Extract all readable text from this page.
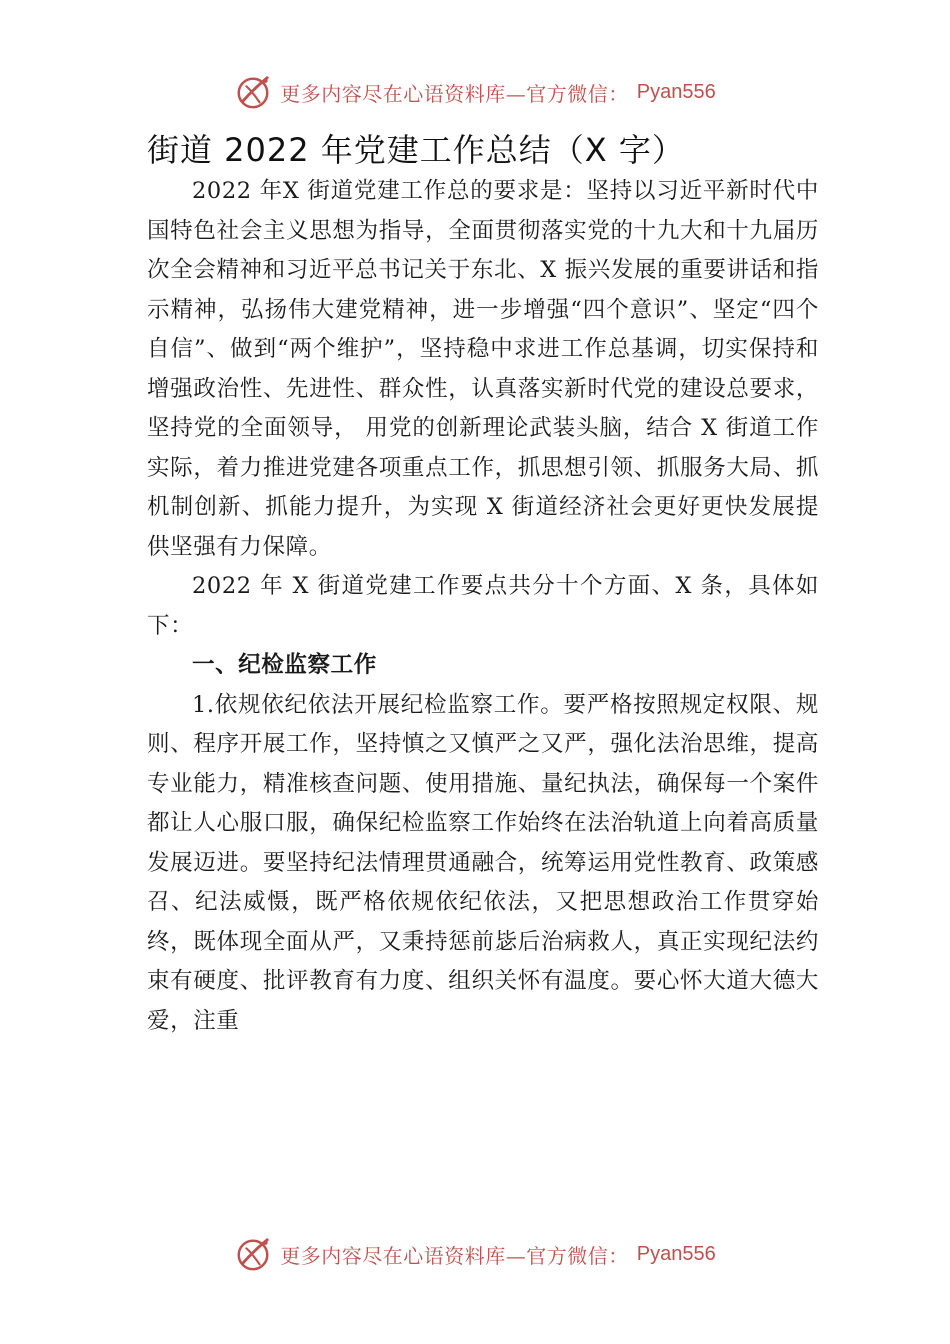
更多内容尽在心语资料库—官方微信： Pyan556
街道 2022 年党建工作总结（X 字）

2022 年X 街道党建工作总的要求是：坚持以习近平新时代中国特色社会主义思想为指导，全面贯彻落实党的十九大和十九届历次全会精神和习近平总书记关于东北、X 振兴发展的重要讲话和指示精神，弘扬伟大建党精神，进一步增强“四个意识”、坚定“四个自信”、做到“两个维护”，坚持稳中求进工作总基调，切实保持和增强政治性、先进性、群众性，认真落实新时代党的建设总要求，坚持党的全面领导， 用党的创新理论武装头脑，结合 X 街道工作实际，着力推进党建各项重点工作，抓思想引领、抓服务大局、抓机制创新、抓能力提升，为实现 X 街道经济社会更好更快发展提供坚强有力保障。

2022 年 X 街道党建工作要点共分十个方面、X 条，具体如下：

一、纪检监察工作

1.依规依纪依法开展纪检监察工作。要严格按照规定权限、规则、程序开展工作，坚持慎之又慎严之又严，强化法治思维，提高专业能力，精准核查问题、使用措施、量纪执法，确保每一个案件都让人心服口服，确保纪检监察工作始终在法治轨道上向着高质量发展迈进。要坚持纪法情理贯通融合，统筹运用党性教育、政策感召、纪法威慑，既严格依规依纪依法，又把思想政治工作贯穿始终，既体现全面从严，又秉持惩前毖后治病救人，真正实现纪法约束有硬度、批评教育有力度、组织关怀有温度。要心怀大道大德大爱，注重

更多内容尽在心语资料库—官方微信： Pyan556
